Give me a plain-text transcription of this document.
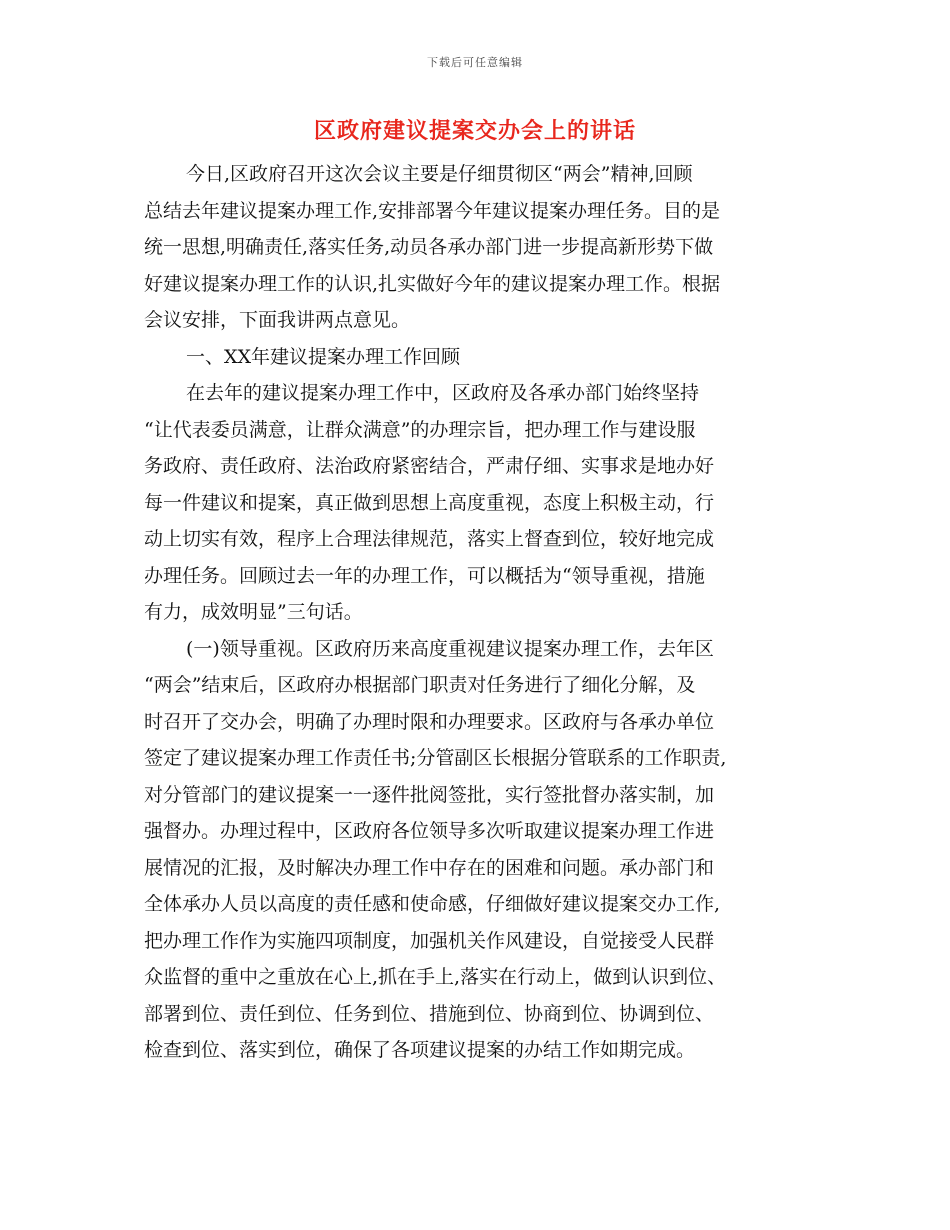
下载后可任意编辑
区政府建议提案交办会上的讲话
今日,区政府召开这次会议主要是仔细贯彻区“两会”精神,回顾
总结去年建议提案办理工作,安排部署今年建议提案办理任务。目的是
统一思想,明确责任,落实任务,动员各承办部门进一步提高新形势下做
好建议提案办理工作的认识,扎实做好今年的建议提案办理工作。根据
会议安排，下面我讲两点意见。
一、XX年建议提案办理工作回顾
在去年的建议提案办理工作中，区政府及各承办部门始终坚持
“让代表委员满意，让群众满意”的办理宗旨，把办理工作与建设服
务政府、责任政府、法治政府紧密结合，严肃仔细、实事求是地办好
每一件建议和提案，真正做到思想上高度重视，态度上积极主动，行
动上切实有效，程序上合理法律规范，落实上督查到位，较好地完成
办理任务。回顾过去一年的办理工作，可以概括为“领导重视，措施
有力，成效明显”三句话。
(一)领导重视。区政府历来高度重视建议提案办理工作，去年区
“两会”结束后，区政府办根据部门职责对任务进行了细化分解，及
时召开了交办会，明确了办理时限和办理要求。区政府与各承办单位
签定了建议提案办理工作责任书;分管副区长根据分管联系的工作职责,
对分管部门的建议提案一一逐件批阅签批，实行签批督办落实制，加
强督办。办理过程中，区政府各位领导多次听取建议提案办理工作进
展情况的汇报，及时解决办理工作中存在的困难和问题。承办部门和
全体承办人员以高度的责任感和使命感，仔细做好建议提案交办工作,
把办理工作作为实施四项制度，加强机关作风建设，自觉接受人民群
众监督的重中之重放在心上,抓在手上,落实在行动上，做到认识到位、
部署到位、责任到位、任务到位、措施到位、协商到位、协调到位、
检查到位、落实到位，确保了各项建议提案的办结工作如期完成。
